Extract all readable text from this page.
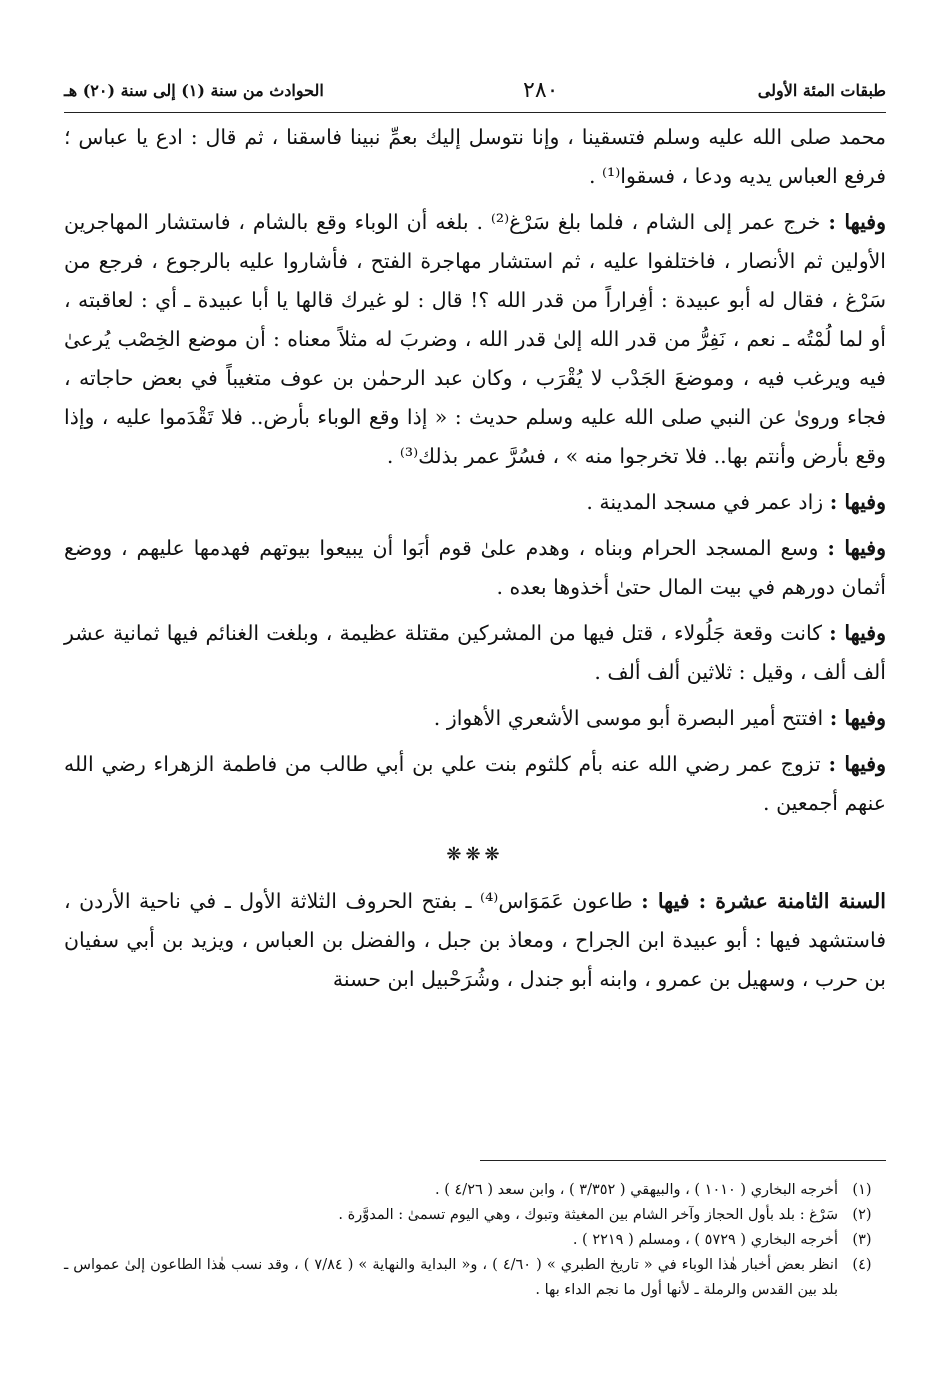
طبقات المئة الأولى
٢٨٠
الحوادث من سنة (١) إلى سنة (٢٠) هـ

محمد صلى الله عليه وسلم فتسقينا ، وإنا نتوسل إليك بعمِّ نبينا فاسقنا ، ثم قال : ادع يا عباس ؛ فرفع العباس يديه ودعا ، فسقوا⁽¹⁾ .

وفيها : خرج عمر إلى الشام ، فلما بلغ سَرْغ⁽²⁾ . بلغه أن الوباء وقع بالشام ، فاستشار المهاجرين الأولين ثم الأنصار ، فاختلفوا عليه ، ثم استشار مهاجرة الفتح ، فأشاروا عليه بالرجوع ، فرجع من سَرْغ ، فقال له أبو عبيدة : أفِراراً من قدر الله ؟! قال : لو غيرك قالها يا أبا عبيدة ـ أي : لعاقبته ، أو لما لُمْتُه ـ نعم ، نَفِرُّ من قدر الله إلىٰ قدر الله ، وضربَ له مثلاً معناه : أن موضع الخِصْب يُرعىٰ فيه ويرغب فيه ، وموضعَ الجَدْب لا يُقْرَب ، وكان عبد الرحمٰن بن عوف متغيباً في بعض حاجاته ، فجاء وروىٰ عن النبي صلى الله عليه وسلم حديث : « إذا وقع الوباء بأرض.. فلا تَقْدَموا عليه ، وإذا وقع بأرض وأنتم بها.. فلا تخرجوا منه » ، فسُرَّ عمر بذلك⁽³⁾ .

وفيها : زاد عمر في مسجد المدينة .

وفيها : وسع المسجد الحرام وبناه ، وهدم علىٰ قوم أبَوا أن يبيعوا بيوتهم فهدمها عليهم ، ووضع أثمان دورهم في بيت المال حتىٰ أخذوها بعده .

وفيها : كانت وقعة جَلُولاء ، قتل فيها من المشركين مقتلة عظيمة ، وبلغت الغنائم فيها ثمانية عشر ألف ألف ، وقيل : ثلاثين ألف ألف .

وفيها : افتتح أمير البصرة أبو موسى الأشعري الأهواز .

وفيها : تزوج عمر رضي الله عنه بأم كلثوم بنت علي بن أبي طالب من فاطمة الزهراء رضي الله عنهم أجمعين .

❋❋❋

السنة الثامنة عشرة : فيها : طاعون عَمَوَاس⁽⁴⁾ ـ بفتح الحروف الثلاثة الأول ـ في ناحية الأردن ، فاستشهد فيها : أبو عبيدة ابن الجراح ، ومعاذ بن جبل ، والفضل بن العباس ، ويزيد بن أبي سفيان بن حرب ، وسهيل بن عمرو ، وابنه أبو جندل ، وشُرَحْبيل ابن حسنة

(١)
أخرجه البخاري ( ١٠١٠ ) ، والبيهقي ( ٣/٣٥٢ ) ، وابن سعد ( ٤/٢٦ ) .
(٢)
سَرْغ : بلد بأول الحجاز وآخر الشام بين المغيثة وتبوك ، وهي اليوم تسمىٰ : المدوَّرة .
(٣)
أخرجه البخاري ( ٥٧٢٩ ) ، ومسلم ( ٢٢١٩ ) .
(٤)
انظر بعض أخبار هٰذا الوباء في « تاريخ الطبري » ( ٤/٦٠ ) ، و« البداية والنهاية » ( ٧/٨٤ ) ، وقد نسب هٰذا الطاعون إلىٰ عمواس ـ بلد بين القدس والرملة ـ لأنها أول ما نجم الداء بها .
